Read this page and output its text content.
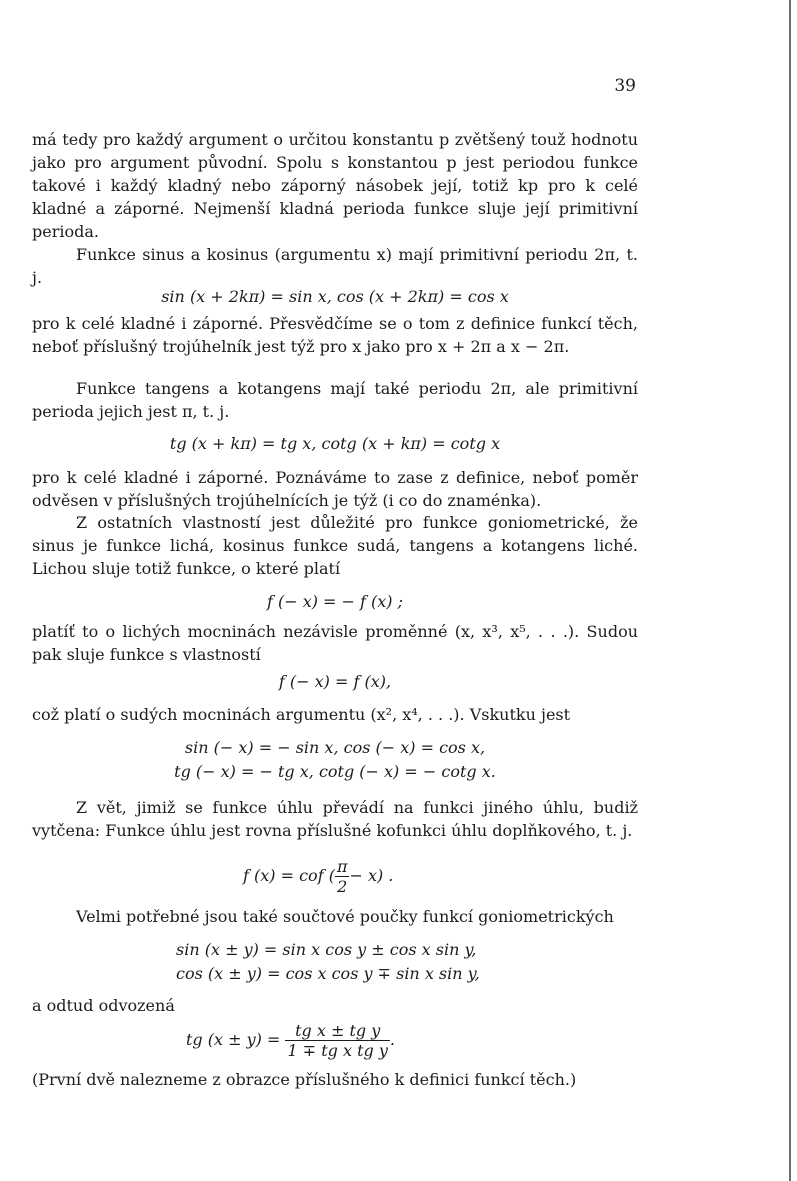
39

má tedy pro každý argument o určitou konstantu p zvětšený touž hodnotu jako pro argument původní. Spolu s konstantou p jest periodou funkce takové i každý kladný nebo záporný násobek její, totiž kp pro k celé kladné a záporné. Nejmenší kladná perioda funkce sluje její primitivní perioda.

Funkce sinus a kosinus (argumentu x) mají primitivní periodu 2π, t. j.

sin (x + 2kπ) = sin x, cos (x + 2kπ) = cos x

pro k celé kladné i záporné. Přesvědčíme se o tom z definice funkcí těch, neboť příslušný trojúhelník jest týž pro x jako pro x + 2π a x − 2π.

Funkce tangens a kotangens mají také periodu 2π, ale primitivní perioda jejich jest π, t. j.

tg (x + kπ) = tg x, cotg (x + kπ) = cotg x

pro k celé kladné i záporné. Poznáváme to zase z definice, neboť poměr odvěsen v příslušných trojúhelnících je týž (i co do znaménka).

Z ostatních vlastností jest důležité pro funkce goniometrické, že sinus je funkce lichá, kosinus funkce sudá, tangens a kotangens liché. Lichou sluje totiž funkce, o které platí

f (− x) = − f (x) ;

platíť to o lichých mocninách nezávisle proměnné (x, x³, x⁵, . . .). Sudou pak sluje funkce s vlastností

f (− x) = f (x),

což platí o sudých mocninách argumentu (x², x⁴, . . .). Vskutku jest

sin (− x) = − sin x, cos (− x) = cos x,

tg (− x) = − tg x, cotg (− x) = − cotg x.

Z vět, jimiž se funkce úhlu převádí na funkci jiného úhlu, budiž vytčena: Funkce úhlu jest rovna příslušné kofunkci úhlu doplňkového, t. j.

f (x) = cof ( $\frac{\pi}{2} - x$) .

Velmi potřebné jsou také součtové poučky funkcí goniometrických

sin (x ± y) = sin x cos y ± cos x sin y,

cos (x ± y) = cos x cos y ∓ sin x sin y,

a odtud odvozená

tg $(x \pm y) = \frac{\text{tg x ± tg y}}{\text{1 ∓ tg x tg y}}$ .

(První dvě nalezneme z obrazce příslušného k definici funkcí těch.)
